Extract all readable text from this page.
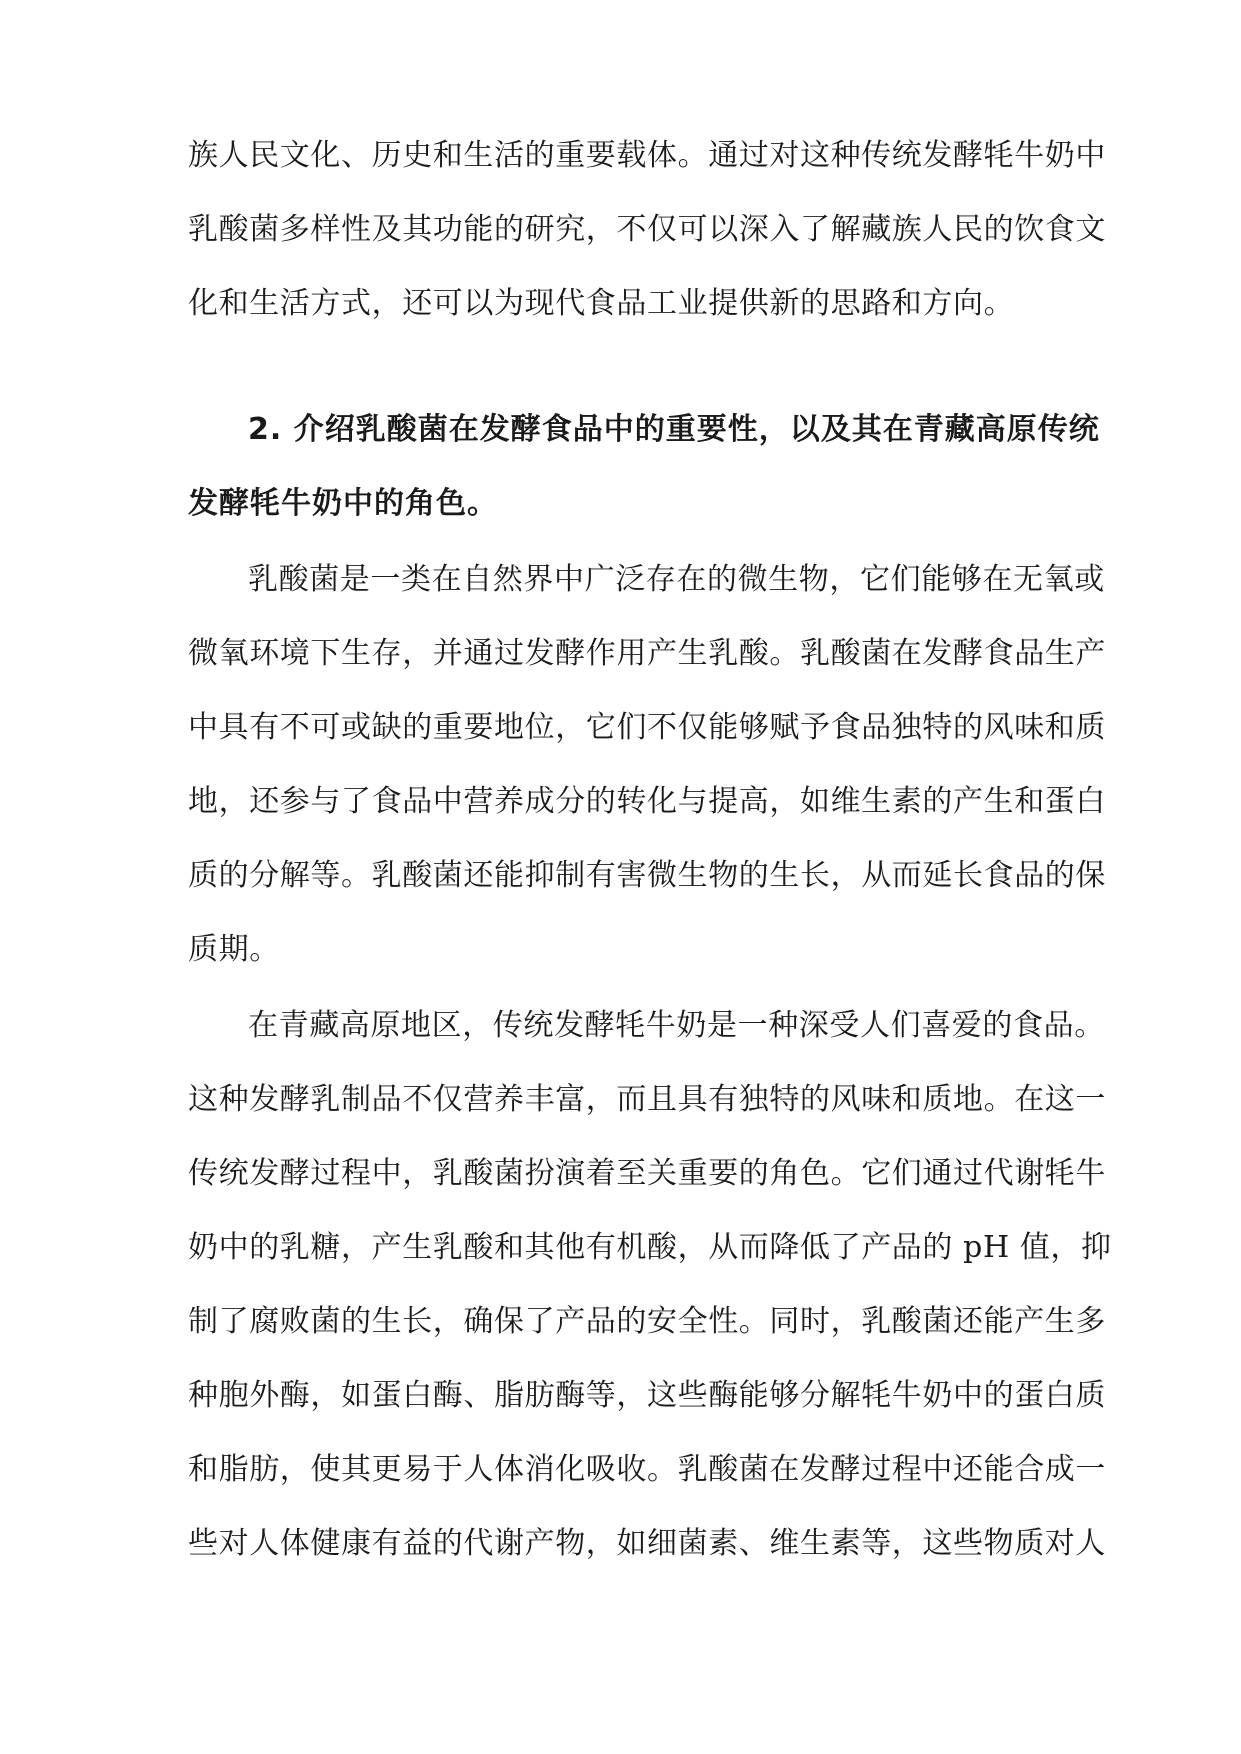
族人民文化、历史和生活的重要载体。通过对这种传统发酵牦牛奶中
乳酸菌多样性及其功能的研究，不仅可以深入了解藏族人民的饮食文
化和生活方式，还可以为现代食品工业提供新的思路和方向。
2. 介绍乳酸菌在发酵食品中的重要性，以及其在青藏高原传统
发酵牦牛奶中的角色。
乳酸菌是一类在自然界中广泛存在的微生物，它们能够在无氧或
微氧环境下生存，并通过发酵作用产生乳酸。乳酸菌在发酵食品生产
中具有不可或缺的重要地位，它们不仅能够赋予食品独特的风味和质
地，还参与了食品中营养成分的转化与提高，如维生素的产生和蛋白
质的分解等。乳酸菌还能抑制有害微生物的生长，从而延长食品的保
质期。
在青藏高原地区，传统发酵牦牛奶是一种深受人们喜爱的食品。
这种发酵乳制品不仅营养丰富，而且具有独特的风味和质地。在这一
传统发酵过程中，乳酸菌扮演着至关重要的角色。它们通过代谢牦牛
奶中的乳糖，产生乳酸和其他有机酸，从而降低了产品的 pH 值，抑
制了腐败菌的生长，确保了产品的安全性。同时，乳酸菌还能产生多
种胞外酶，如蛋白酶、脂肪酶等，这些酶能够分解牦牛奶中的蛋白质
和脂肪，使其更易于人体消化吸收。乳酸菌在发酵过程中还能合成一
些对人体健康有益的代谢产物，如细菌素、维生素等，这些物质对人
